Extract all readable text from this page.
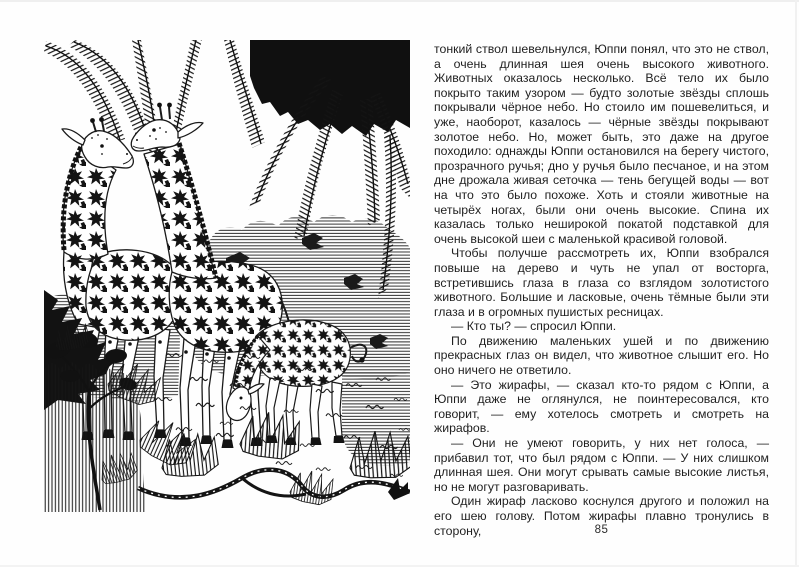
тонкий ствол шевельнулся, Юппи понял, что это не ствол, а очень длинная шея очень высокого животного. Животных оказалось несколько. Всё тело их было покрыто таким узором — будто золотые звёзды сплошь покрывали чёрное небо. Но стоило им пошевелиться, и уже, наоборот, казалось — чёрные звёзды покрывают золотое небо. Но, может быть, это даже на другое походило: однажды Юппи остановился на берегу чистого, прозрачного ручья; дно у ручья было песчаное, и на этом дне дрожала живая сеточка — тень бегущей воды — вот на что это было похоже. Хоть и стояли животные на четырёх ногах, были они очень высокие. Спина их казалась только неширокой покатой подставкой для очень высокой шеи с маленькой красивой головой.

Чтобы получше рассмотреть их, Юппи взобрался повыше на дерево и чуть не упал от восторга, встретившись глаза в глаза со взглядом золотистого животного. Большие и ласковые, очень тёмные были эти глаза и в огромных пушистых ресницах.

— Кто ты? — спросил Юппи.

По движению маленьких ушей и по движению прекрасных глаз он видел, что животное слышит его. Но оно ничего не ответило.

— Это жирафы, — сказал кто-то рядом с Юппи, а Юппи даже не оглянулся, не поинтересовался, кто говорит, — ему хотелось смотреть и смотреть на жирафов.

— Они не умеют говорить, у них нет голоса, — прибавил тот, что был рядом с Юппи. — У них слишком длинная шея. Они могут срывать самые высокие листья, но не могут разговаривать.

Один жираф ласково коснулся другого и положил на его шею голову. Потом жирафы плавно тронулись в сторону,	85
